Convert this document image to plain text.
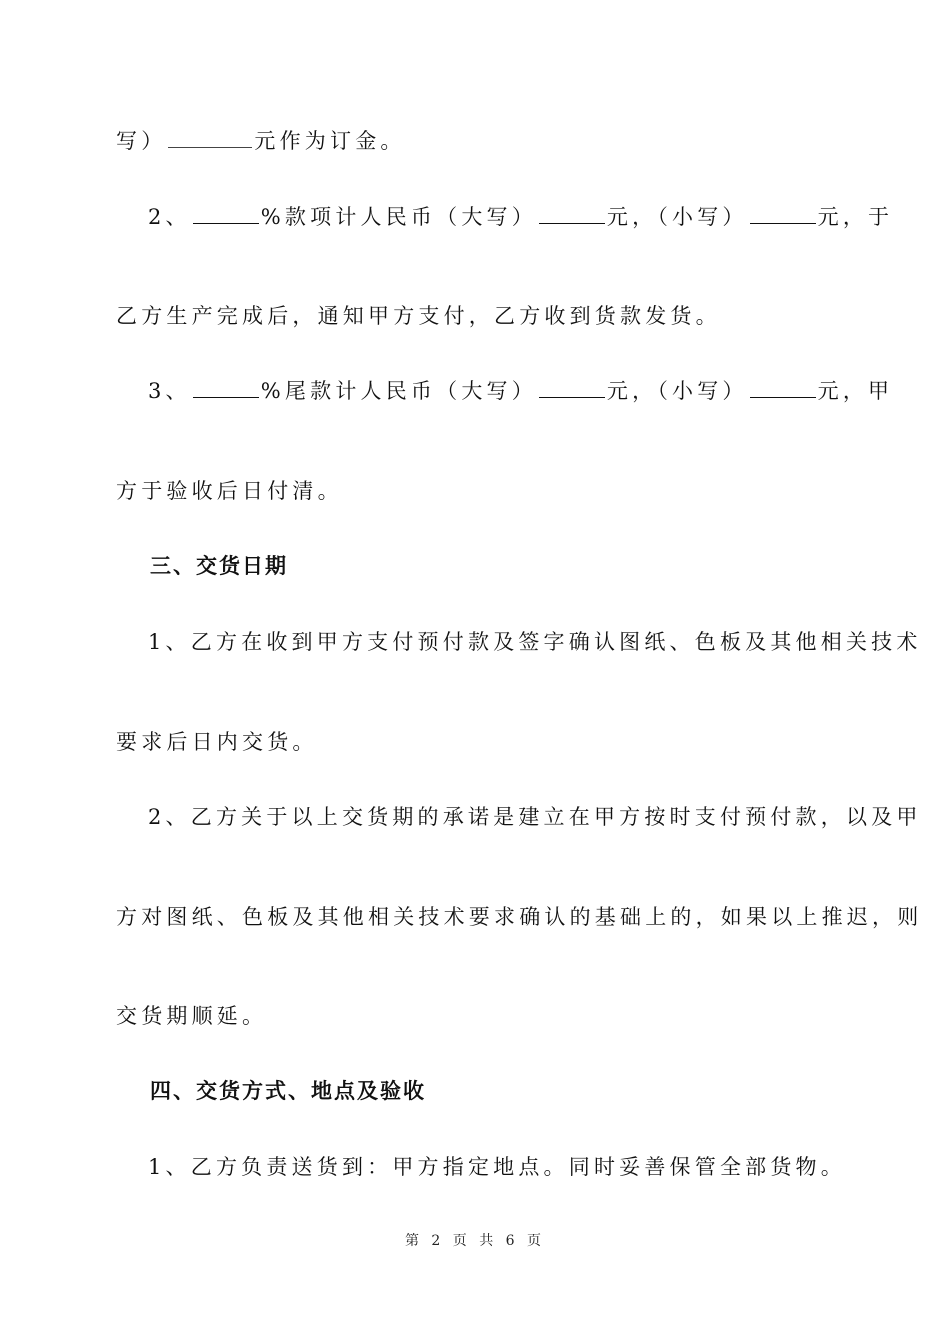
写）	元作为订金。
2、	%款项计人民币（大写）	元，（小写）	元，于
乙方生产完成后，通知甲方支付，乙方收到货款发货。
3、	%尾款计人民币（大写）	元，（小写）	元，甲
方于验收后日付清。
三、交货日期
1、乙方在收到甲方支付预付款及签字确认图纸、色板及其他相关技术
要求后日内交货。
2、乙方关于以上交货期的承诺是建立在甲方按时支付预付款，以及甲
方对图纸、色板及其他相关技术要求确认的基础上的，如果以上推迟，则
交货期顺延。
四、交货方式、地点及验收
1、乙方负责送货到：甲方指定地点。同时妥善保管全部货物。
第 2 页 共 6 页
